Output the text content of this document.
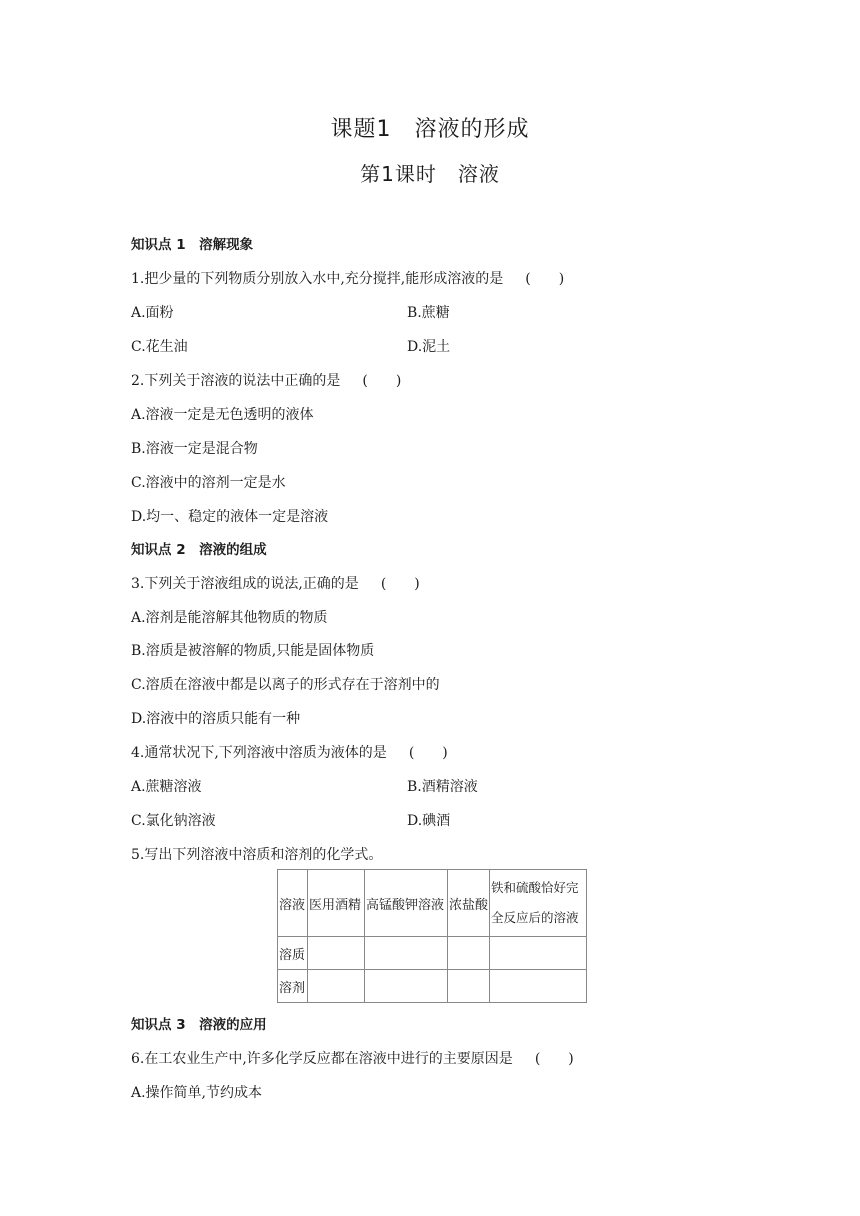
课题1　溶液的形成
第1课时　溶液
知识点 1　溶解现象
1.把少量的下列物质分别放入水中,充分搅拌,能形成溶液的是 (　　)
A.面粉	B.蔗糖
C.花生油	D.泥土
2.下列关于溶液的说法中正确的是 (　　)
A.溶液一定是无色透明的液体
B.溶液一定是混合物
C.溶液中的溶剂一定是水
D.均一、稳定的液体一定是溶液
知识点 2　溶液的组成
3.下列关于溶液组成的说法,正确的是 (　　)
A.溶剂是能溶解其他物质的物质
B.溶质是被溶解的物质,只能是固体物质
C.溶质在溶液中都是以离子的形式存在于溶剂中的
D.溶液中的溶质只能有一种
4.通常状况下,下列溶液中溶质为液体的是 (　　)
A.蔗糖溶液	B.酒精溶液
C.氯化钠溶液	D.碘酒
5.写出下列溶液中溶质和溶剂的化学式。
溶液	医用酒精	高锰酸钾溶液	浓盐酸	铁和硫酸恰好完全反应后的溶液
溶质				
溶剂				
知识点 3　溶液的应用
6.在工农业生产中,许多化学反应都在溶液中进行的主要原因是 (　　)
A.操作简单,节约成本
